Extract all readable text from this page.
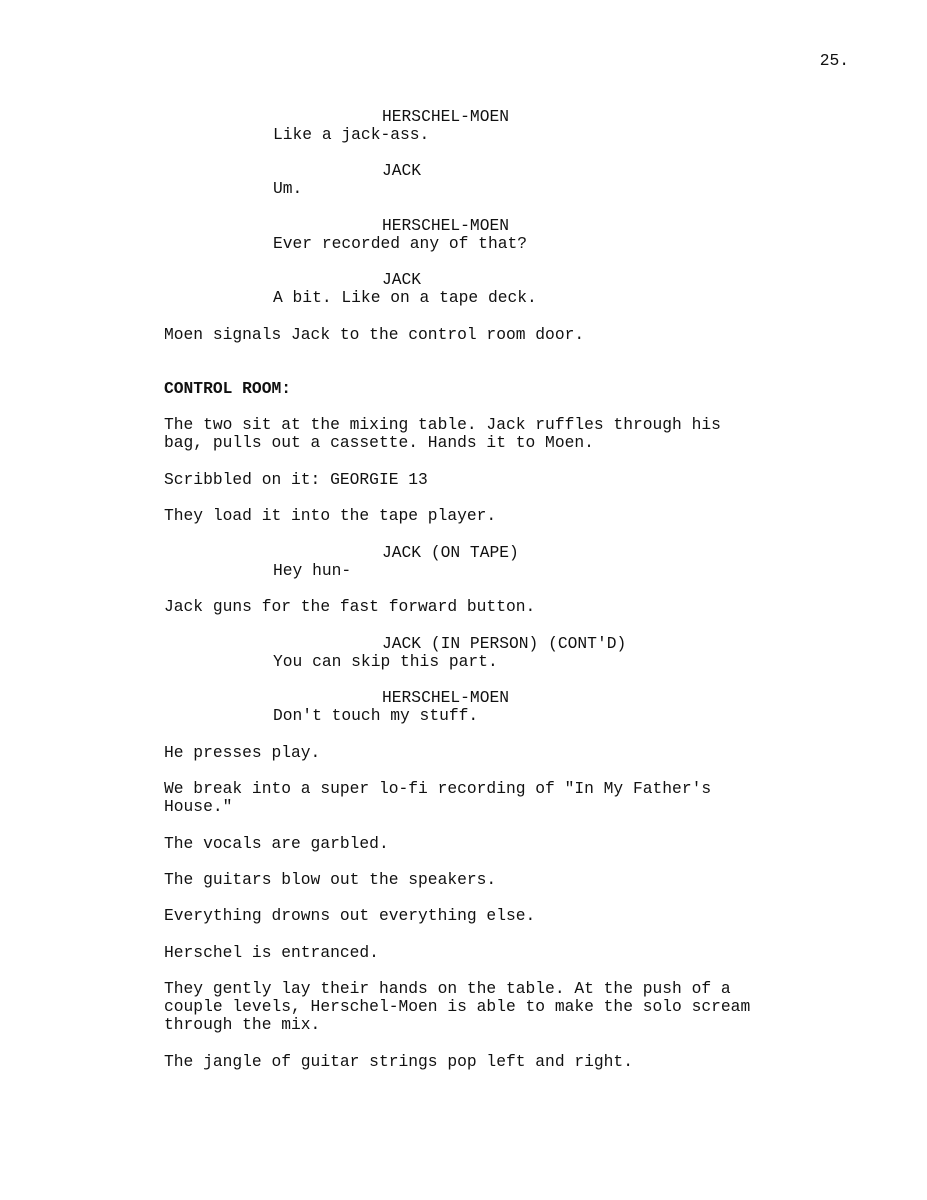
25.
HERSCHEL-MOEN
Like a jack-ass.
JACK
Um.
HERSCHEL-MOEN
Ever recorded any of that?
JACK
A bit. Like on a tape deck.
Moen signals Jack to the control room door.
CONTROL ROOM:
The two sit at the mixing table. Jack ruffles through his
bag, pulls out a cassette. Hands it to Moen.
Scribbled on it: GEORGIE 13
They load it into the tape player.
JACK (ON TAPE)
Hey hun-
Jack guns for the fast forward button.
JACK (IN PERSON) (CONT'D)
You can skip this part.
HERSCHEL-MOEN
Don't touch my stuff.
He presses play.
We break into a super lo-fi recording of "In My Father's
House."
The vocals are garbled.
The guitars blow out the speakers.
Everything drowns out everything else.
Herschel is entranced.
They gently lay their hands on the table. At the push of a
couple levels, Herschel-Moen is able to make the solo scream
through the mix.
The jangle of guitar strings pop left and right.
